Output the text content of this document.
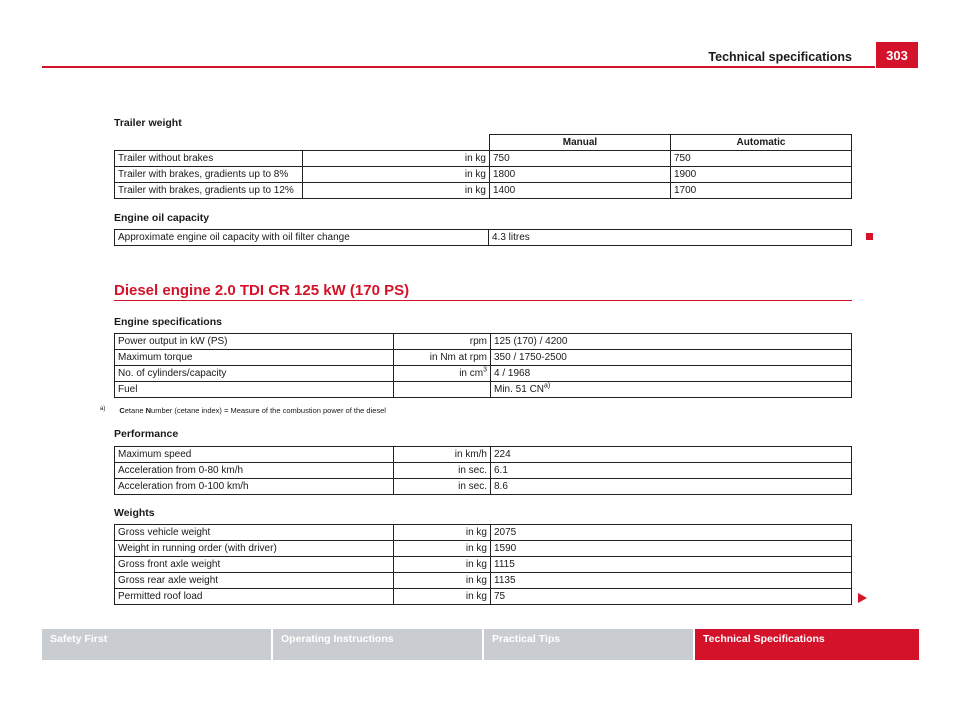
Technical specifications	303
Trailer weight
		Manual	Automatic
Trailer without brakes	in kg	750	750
Trailer with brakes, gradients up to 8%	in kg	1800	1900
Trailer with brakes, gradients up to 12%	in kg	1400	1700
Engine oil capacity
Approximate engine oil capacity with oil filter change	4.3 litres
Diesel engine 2.0 TDI CR 125 kW (170 PS)
Engine specifications
Power output in kW (PS)	rpm	125 (170) / 4200
Maximum torque	in Nm at rpm	350 / 1750-2500
No. of cylinders/capacity	in $cm^3$	4 / 1968
Fuel		Min. 51 CN$^{a)}$
$^{a)}$ Cetane Number (cetane index) = Measure of the combustion power of the diesel
Performance
Maximum speed	in km/h	224
Acceleration from 0-80 km/h	in sec.	6.1
Acceleration from 0-100 km/h	in sec.	8.6
Weights
Gross vehicle weight	in kg	2075
Weight in running order (with driver)	in kg	1590
Gross front axle weight	in kg	1115
Gross rear axle weight	in kg	1135
Permitted roof load	in kg	75
Safety First	Operating Instructions	Practical Tips	Technical Specifications
